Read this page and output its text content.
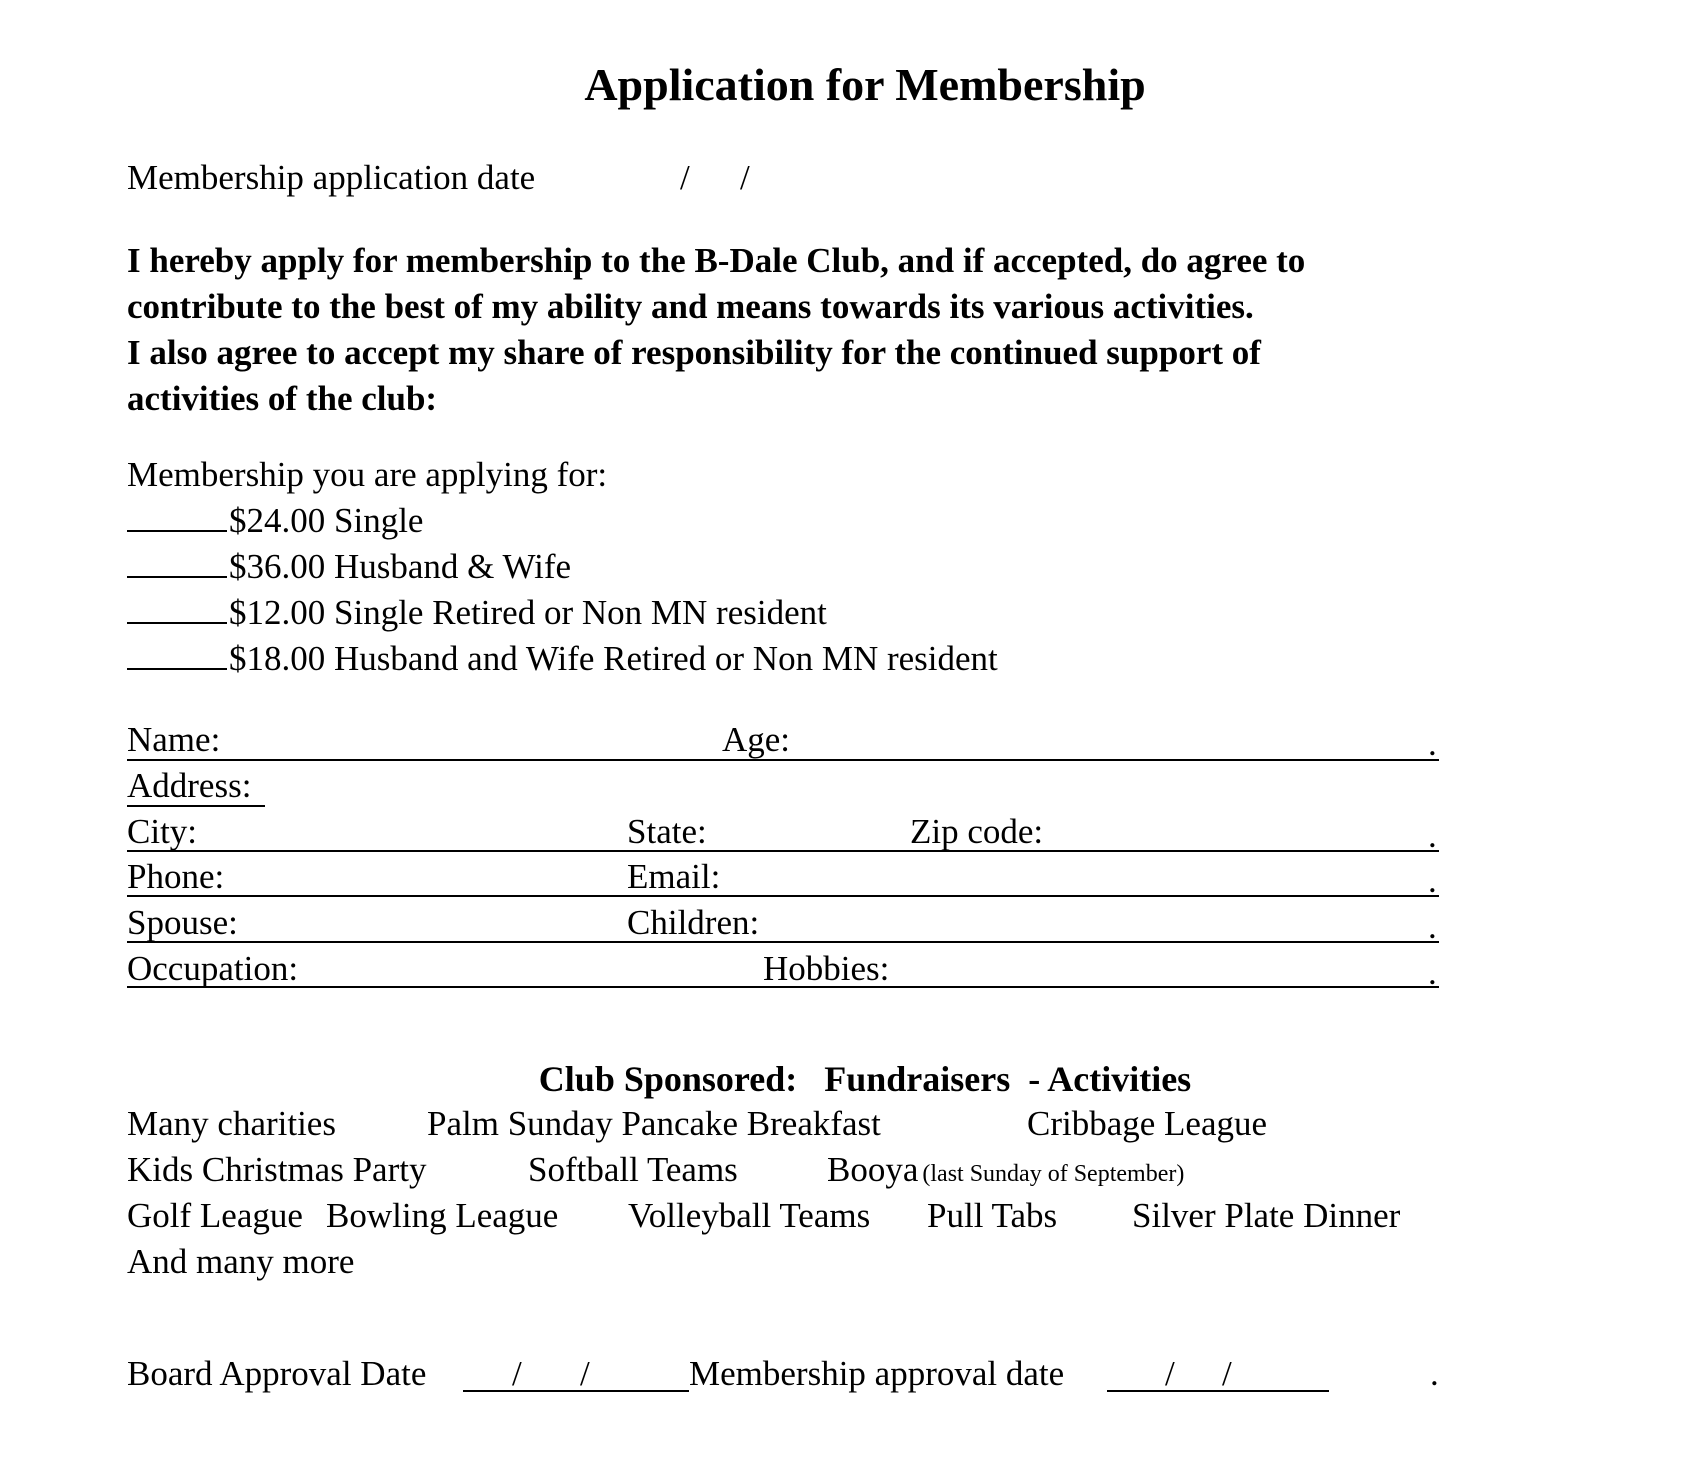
Application for Membership
Membership application date	/ /
I hereby apply for membership to the B-Dale Club, and if accepted, do agree to
contribute to the best of my ability and means towards its various activities.
I also agree to accept my share of responsibility for the continued support of
activities of the club:
Membership you are applying for:
$24.00 Single
$36.00 Husband & Wife
$12.00 Single Retired or Non MN resident
$18.00 Husband and Wife Retired or Non MN resident
Name:	Age:	.
Address:
City:	State:	Zip code:	.
Phone:	Email:	.
Spouse:	Children:	.
Occupation:	Hobbies:	.
Club Sponsored:   Fundraisers  - Activities
Many charities	Palm Sunday Pancake Breakfast	Cribbage League
Kids Christmas Party	Softball Teams	Booya (last Sunday of September)
Golf League Bowling League Volleyball Teams Pull Tabs Silver Plate Dinner
And many more
Board Approval Date / /	Membership approval date	/ /	.
